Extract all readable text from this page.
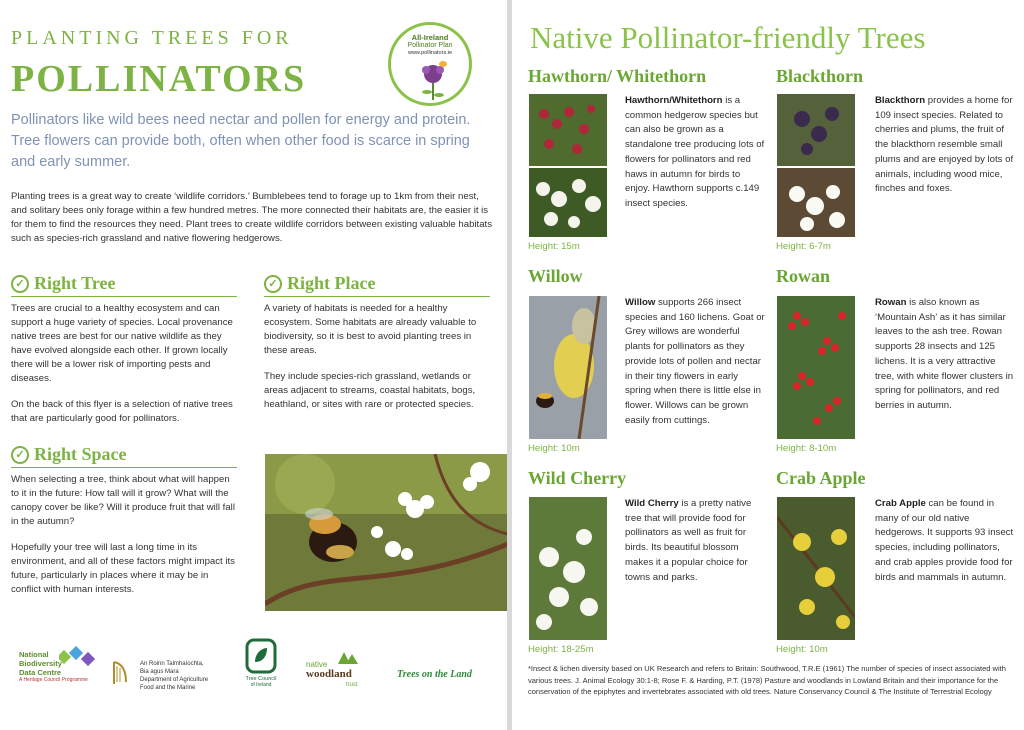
PLANTING TREES FOR
POLLINATORS
All-Ireland
Pollinator Plan
www.pollinators.ie
Pollinators like wild bees need nectar and pollen for energy and protein. Tree flowers can provide both, often when other food is scarce in spring and early summer.
Planting trees is a great way to create ‘wildlife corridors.’ Bumblebees tend to forage up to 1km from their nest, and solitary bees only forage within a few hundred metres. The more connected their habitats are, the easier it is for them to find the resources they need. Plant trees to create wildlife corridors between existing valuable habitats such as species-rich grassland and native flowering hedgerows.
✓ Right Tree

Trees are crucial to a healthy ecosystem and can support a huge variety of species. Local provenance native trees are best for our native wildlife as they have evolved alongside each other. If grown locally there will be a lower risk of importing pests and diseases.

On the back of this flyer is a selection of native trees that are particularly good for pollinators.

✓ Right Place

A variety of habitats is needed for a healthy ecosystem. Some habitats are already valuable to biodiversity, so it is best to avoid planting trees in these areas.

They include species-rich grassland, wetlands or areas adjacent to streams, coastal habitats, bogs, heathland, or sites with rare or protected species.

✓ Right Space

When selecting a tree, think about what will happen to it in the future: How tall will it grow? What will the canopy cover be like? Will it produce fruit that will fall in the autumn?

Hopefully your tree will last a long time in its environment, and all of these factors might impact its future, particularly in places where it may be in conflict with human interests.

National
Biodiversity
Data Centre
A Heritage Council Programme
An Roinn Talmhaíochta,
Bia agus Mara
Department of Agriculture
Food and the Marine
Tree Council
of Ireland
native
woodland
trust
Trees on the Land
Native Pollinator-friendly Trees
Hawthorn/ Whitethorn
Hawthorn/Whitethorn is a common hedgerow species but can also be grown as a standalone tree producing lots of flowers for pollinators and red haws in autumn for birds to enjoy. Hawthorn supports c.149 insect species.
Height: 15m
Blackthorn
Blackthorn provides a home for 109 insect species. Related to cherries and plums, the fruit of the blackthorn resemble small plums and are enjoyed by lots of animals, including wood mice, finches and foxes.
Height: 6-7m
Willow
Willow supports 266 insect species and 160 lichens. Goat or Grey willows are wonderful plants for pollinators as they provide lots of pollen and nectar in their tiny flowers in early spring when there is little else in flower. Willows can be grown easily from cuttings.
Height: 10m
Rowan
Rowan is also known as ‘Mountain Ash’ as it has similar leaves to the ash tree. Rowan supports 28 insects and 125 lichens. It is a very attractive tree, with white flower clusters in spring for pollinators, and red berries in autumn.
Height: 8-10m
Wild Cherry
Wild Cherry is a pretty native tree that will provide food for pollinators as well as fruit for birds. Its beautiful blossom makes it a popular choice for towns and parks.
Height: 18-25m
Crab Apple
Crab Apple can be found in many of our old native hedgerows. It supports 93 insect species, including pollinators, and crab apples provide food for birds and mammals in autumn.
Height: 10m
*Insect & lichen diversity based on UK Research and refers to Britain: Southwood, T.R.E (1961) The number of species of insect associated with various trees. J. Animal Ecology 30:1-8; Rose F. & Harding, P.T. (1978) Pasture and woodlands in Lowland Britain and their importance for the conservation of the epiphytes and invertebrates associated with old trees. Nature Conservancy Council & The Institute of Terrestrial Ecology
